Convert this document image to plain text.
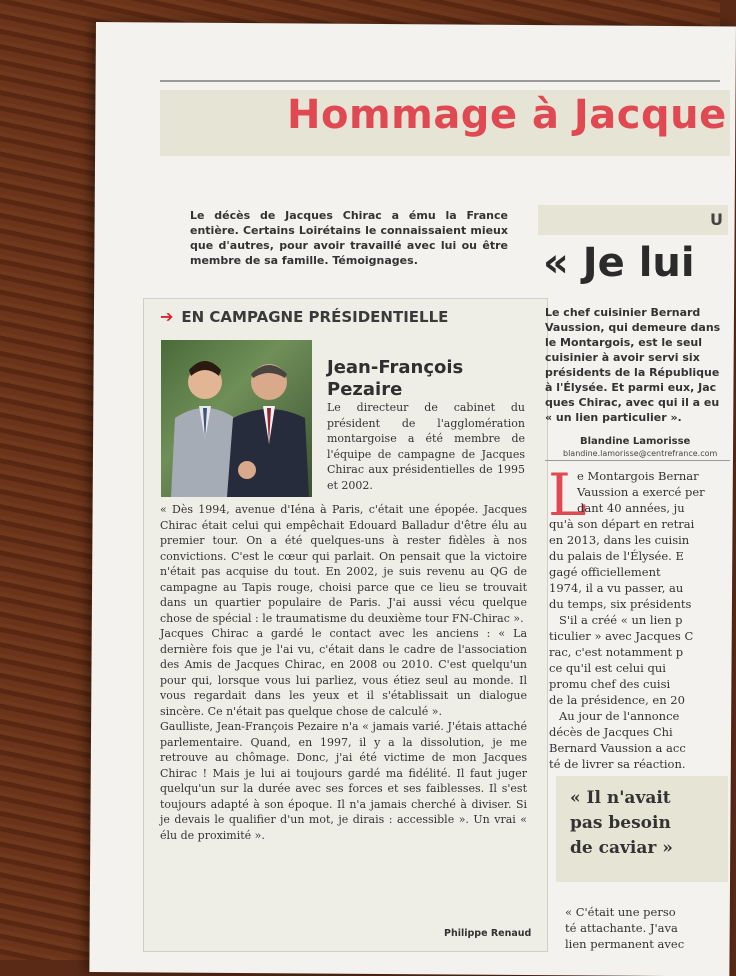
Hommage à Jacque
Le décès de Jacques Chirac a ému la France entière. Certains Loirétains le connaissaient mieux que d'autres, pour avoir travaillé avec lui ou être membre de sa famille. Témoignages.
➔ EN CAMPAGNE PRÉSIDENTIELLE
Jean-François
Pezaire
Le directeur de cabinet du président de l'agglomération montargoise a été membre de l'équipe de campagne de Jacques Chirac aux présidentielles de 1995 et 2002.

« Dès 1994, avenue d'Iéna à Paris, c'était une épopée. Jacques Chirac était celui qui empêchait Edouard Balladur d'être élu au premier tour. On a été quelques-uns à rester fidèles à nos convictions. C'est le cœur qui parlait. On pensait que la victoire n'était pas acquise du tout. En 2002, je suis revenu au QG de campagne au Tapis rouge, choisi parce que ce lieu se trouvait dans un quartier populaire de Paris. J'ai aussi vécu quelque chose de spécial : le traumatisme du deuxième tour FN-Chirac ».

Jacques Chirac a gardé le contact avec les anciens : « La dernière fois que je l'ai vu, c'était dans le cadre de l'association des Amis de Jacques Chirac, en 2008 ou 2010. C'est quelqu'un pour qui, lorsque vous lui parliez, vous étiez seul au monde. Il vous regardait dans les yeux et il s'établissait un dialogue sincère. Ce n'était pas quelque chose de calculé ».

Gaulliste, Jean-François Pezaire n'a « jamais varié. J'étais attaché parlementaire. Quand, en 1997, il y a la dissolution, je me retrouve au chômage. Donc, j'ai été victime de mon Jacques Chirac ! Mais je lui ai toujours gardé ma fidélité. Il faut juger quelqu'un sur la durée avec ses forces et ses faiblesses. Il s'est toujours adapté à son époque. Il n'a jamais cherché à diviser. Si je devais le qualifier d'un mot, je dirais : accessible ». Un vrai « élu de proximité ».

Philippe Renaud
U
« Je lui
Le chef cuisinier Bernard
Vaussion, qui demeure dans
le Montargois, est le seul
cuisinier à avoir servi six
présidents de la République
à l'Élysée. Et parmi eux, Jac
ques Chirac, avec qui il a eu
« un lien particulier ».
Blandine Lamorisse
blandine.lamorisse@centrefrance.com
L
e Montargois Bernar
Vaussion a exercé per
dant 40 années, ju
qu'à son départ en retrai
en 2013, dans les cuisin
du palais de l'Élysée. E
gagé officiellement
1974, il a vu passer, au
du temps, six présidents
S'il a créé « un lien p
ticulier » avec Jacques C
rac, c'est notamment p
ce qu'il est celui qui
promu chef des cuisi
de la présidence, en 20
Au jour de l'annonce
décès de Jacques Chi
Bernard Vaussion a acc
té de livrer sa réaction.
« Il n'avait
pas besoin
de caviar »
« C'était une perso
té attachante. J'ava
lien permanent avec
